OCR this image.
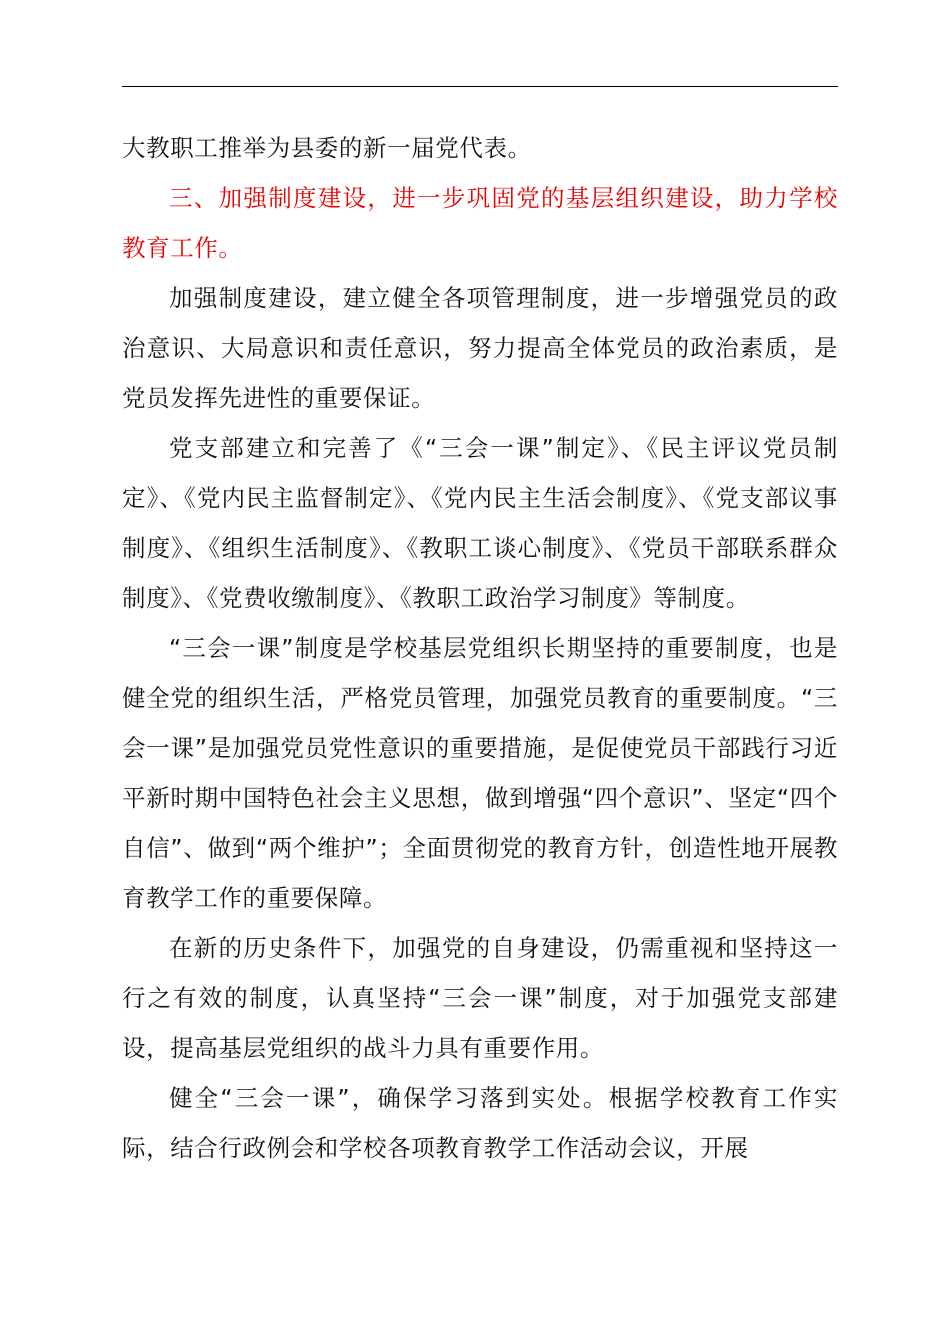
大教职工推举为县委的新一届党代表。

三、加强制度建设，进一步巩固党的基层组织建设，助力学校教育工作。

加强制度建设，建立健全各项管理制度，进一步增强党员的政治意识、大局意识和责任意识，努力提高全体党员的政治素质，是党员发挥先进性的重要保证。

党支部建立和完善了《“三会一课”制定》、《民主评议党员制定》、《党内民主监督制定》、《党内民主生活会制度》、《党支部议事制度》、《组织生活制度》、《教职工谈心制度》、《党员干部联系群众制度》、《党费收缴制度》、《教职工政治学习制度》等制度。

“三会一课”制度是学校基层党组织长期坚持的重要制度，也是健全党的组织生活，严格党员管理，加强党员教育的重要制度。“三会一课”是加强党员党性意识的重要措施，是促使党员干部践行习近平新时期中国特色社会主义思想，做到增强“四个意识”、坚定“四个自信”、做到“两个维护”；全面贯彻党的教育方针，创造性地开展教育教学工作的重要保障。

在新的历史条件下，加强党的自身建设，仍需重视和坚持这一行之有效的制度，认真坚持“三会一课”制度，对于加强党支部建设，提高基层党组织的战斗力具有重要作用。

健全“三会一课”，确保学习落到实处。根据学校教育工作实际，结合行政例会和学校各项教育教学工作活动会议，开展
